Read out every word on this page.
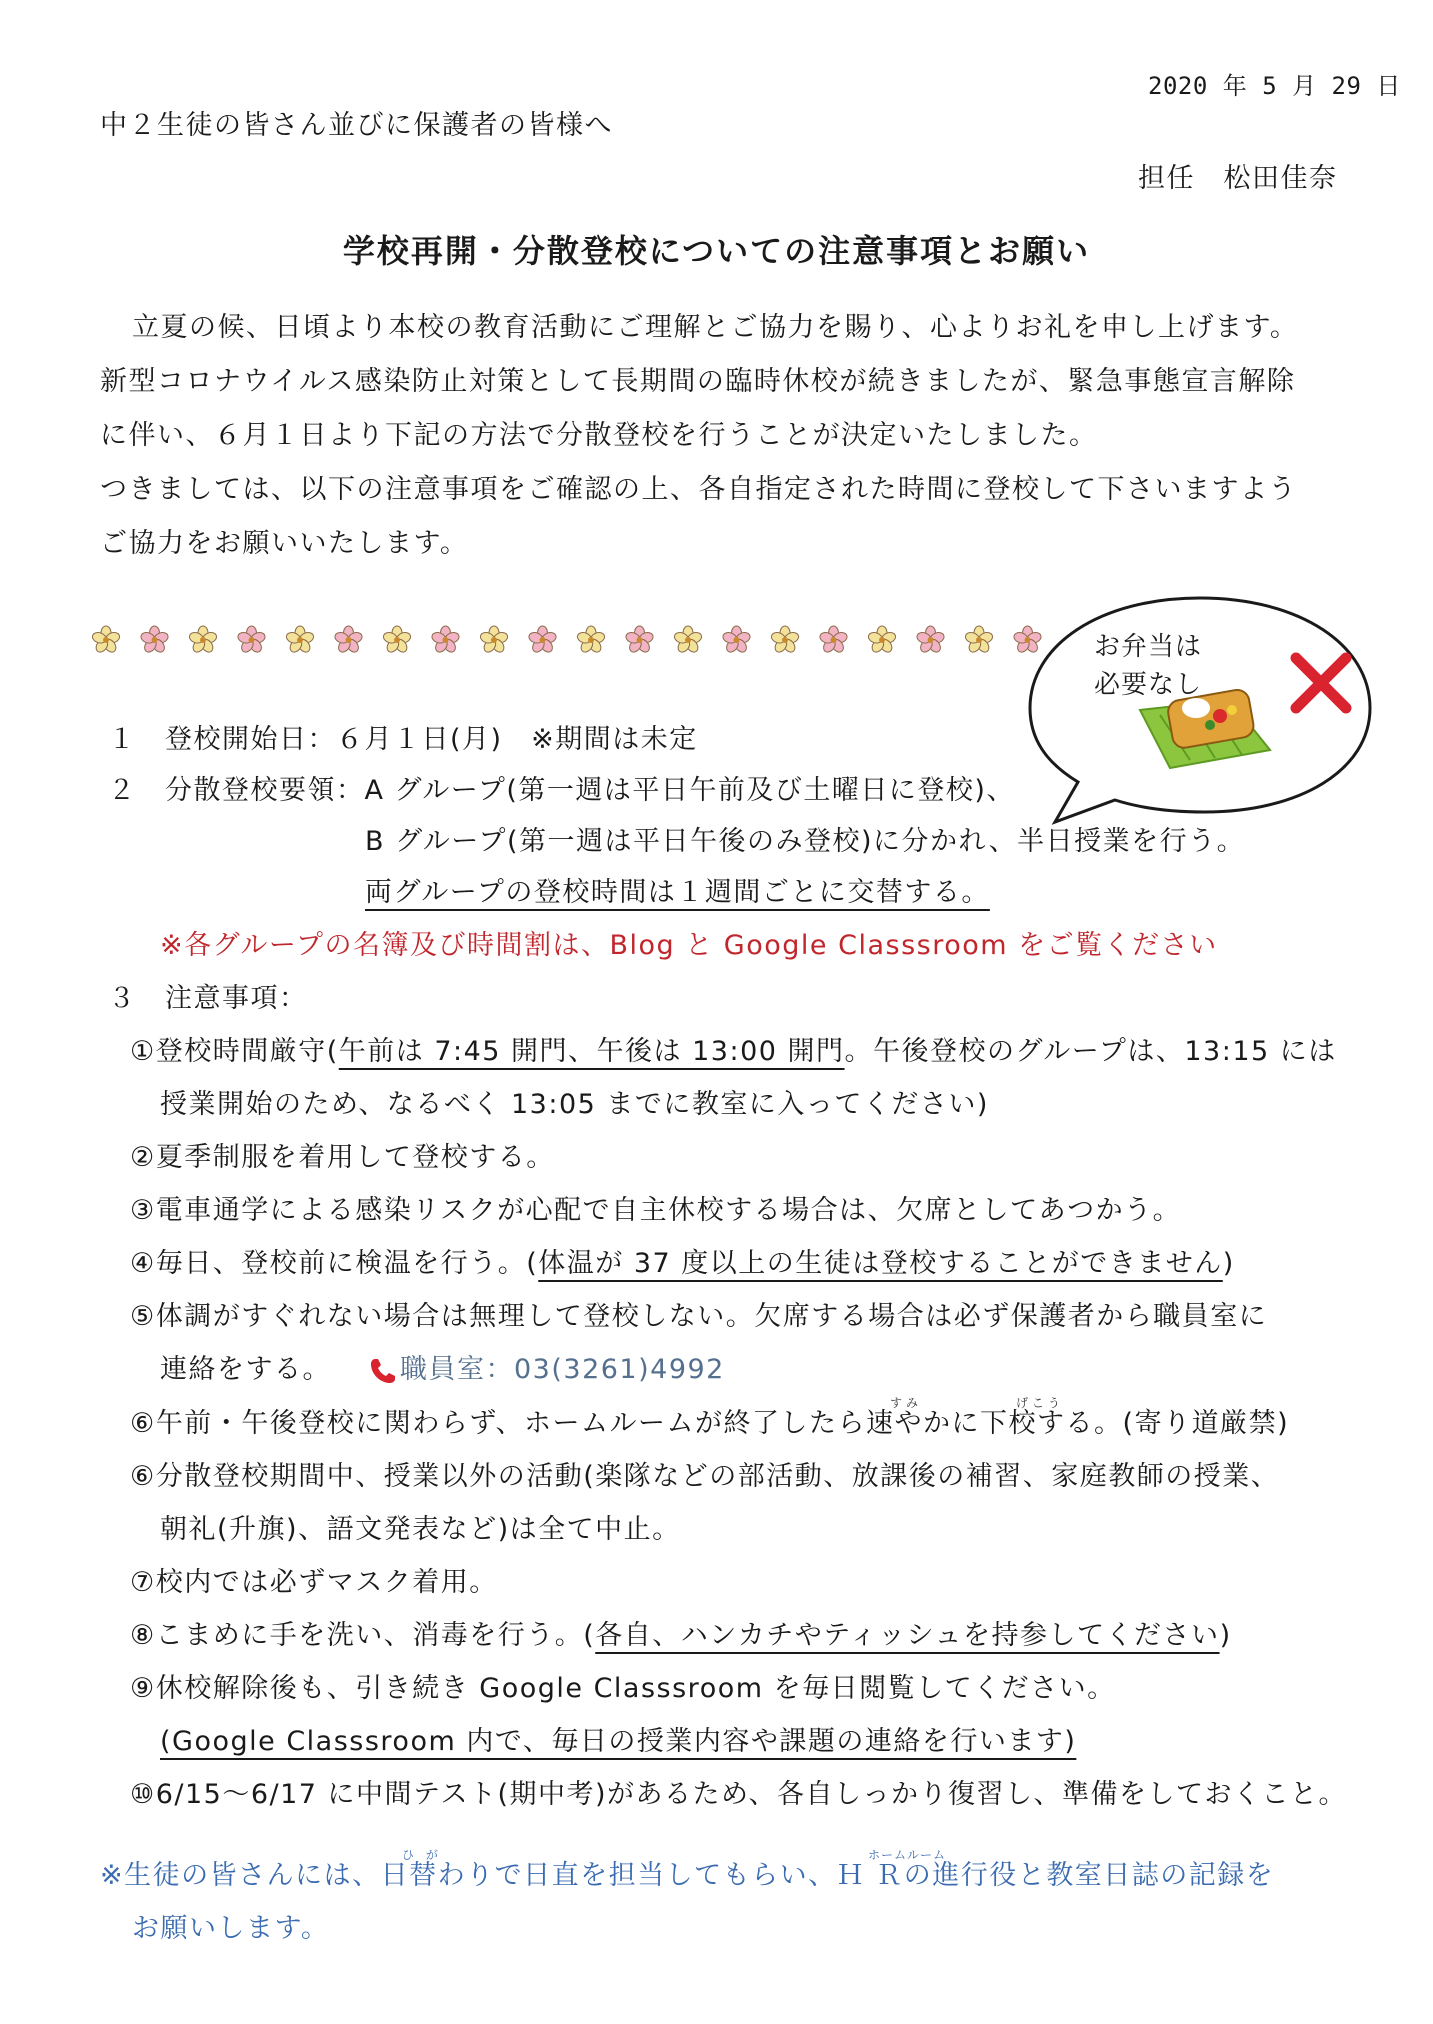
2020 年 5 月 29 日
中２生徒の皆さん並びに保護者の皆様へ
担任　松田佳奈
学校再開・分散登校についての注意事項とお願い
立夏の候、日頃より本校の教育活動にご理解とご協力を賜り、心よりお礼を申し上げます。
新型コロナウイルス感染防止対策として長期間の臨時休校が続きましたが、緊急事態宣言解除
に伴い、６月１日より下記の方法で分散登校を行うことが決定いたしました。
つきましては、以下の注意事項をご確認の上、各自指定された時間に登校して下さいますよう
ご協力をお願いいたします。
お弁当は
必要なし
１　登校開始日：６月１日(月)　※期間は未定
２　分散登校要領：A グループ(第一週は平日午前及び土曜日に登校)、
B グループ(第一週は平日午後のみ登校)に分かれ、半日授業を行う。
両グループの登校時間は１週間ごとに交替する。
※各グループの名簿及び時間割は、Blog と Google Classsroom をご覧ください
３　注意事項：
①登校時間厳守(午前は 7:45 開門、午後は 13:00 開門。午後登校のグループは、13:15 には
授業開始のため、なるべく 13:05 までに教室に入ってください)
②夏季制服を着用して登校する。
③電車通学による感染リスクが心配で自主休校する場合は、欠席としてあつかう。
④毎日、登校前に検温を行う。(体温が 37 度以上の生徒は登校することができません)
⑤体調がすぐれない場合は無理して登校しない。欠席する場合は必ず保護者から職員室に
連絡をする。	職員室：03(3261)4992
すみ	げこう
⑥午前・午後登校に関わらず、ホームルームが終了したら速やかに下校する。(寄り道厳禁)
⑥分散登校期間中、授業以外の活動(楽隊などの部活動、放課後の補習、家庭教師の授業、
朝礼(升旗)、語文発表など)は全て中止。
⑦校内では必ずマスク着用。
⑧こまめに手を洗い、消毒を行う。(各自、ハンカチやティッシュを持参してください)
⑨休校解除後も、引き続き Google Classsroom を毎日閲覧してください。
(Google Classsroom 内で、毎日の授業内容や課題の連絡を行います)
⑩6/15～6/17 に中間テスト(期中考)があるため、各自しっかり復習し、準備をしておくこと。
ひ が	ホームルーム
※生徒の皆さんには、日替わりで日直を担当してもらい、Ｈ Ｒの進行役と教室日誌の記録を
お願いします。
